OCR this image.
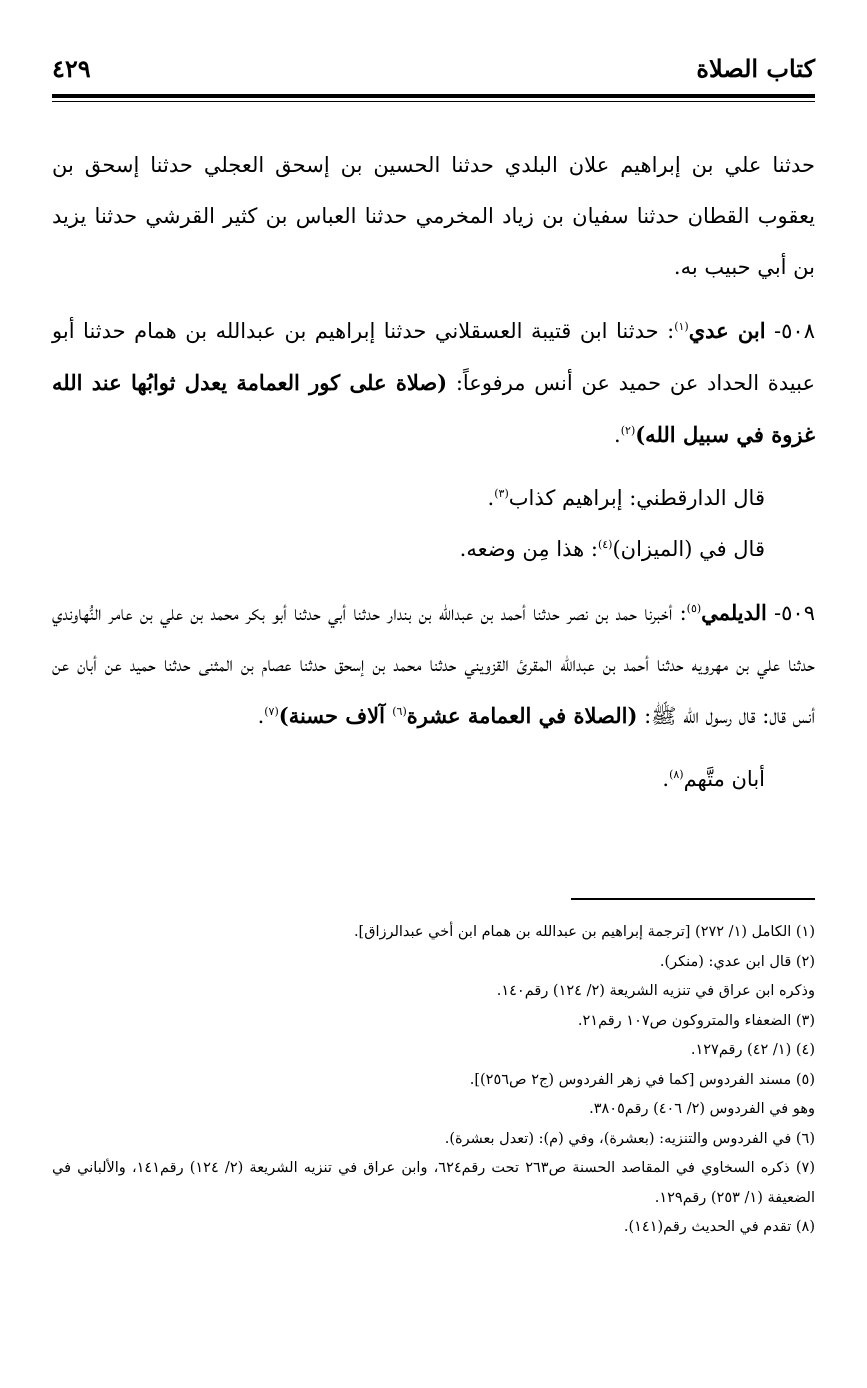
كتاب الصلاة
٤٢٩

حدثنا علي بن إبراهيم علان البلدي حدثنا الحسين بن إسحق العجلي حدثنا إسحق بن يعقوب القطان حدثنا سفيان بن زياد المخرمي حدثنا العباس بن كثير القرشي حدثنا يزيد بن أبي حبيب به.

٥٠٨- ابن عدي$^{(١)}$: حدثنا ابن قتيبة العسقلاني حدثنا إبراهيم بن عبدالله بن همام حدثنا أبو عبيدة الحداد عن حميد عن أنس مرفوعاً: (صلاة على كور العمامة يعدل ثوابُها عند الله غزوة في سبيل الله)$^{(٢)}$.

قال الدارقطني: إبراهيم كذاب$^{(٣)}$.

قال في (الميزان)$^{(٤)}$: هذا مِن وضعه.

٥٠٩- الديلمي$^{(٥)}$: أخبرنا حمد بن نصر حدثنا أحمد بن عبدالله بن بندار حدثنا أبي حدثنا أبو بكر محمد بن علي بن عامر النُّهاوندي حدثنا علي بن مهرويه حدثنا أحمد بن عبدالله المقرئ القزويني حدثنا محمد بن إسحق حدثنا عصام بن المثنى حدثنا حميد عن أبان عن أنس قال: قال رسول الله ﷺ: (الصلاة في العمامة عشرة$^{(٦)}$ آلاف حسنة)$^{(٧)}$.

أبان متَّهم$^{(٨)}$.

(١) الكامل (١/ ٢٧٢) [ترجمة إبراهيم بن عبدالله بن همام ابن أخي عبدالرزاق].
(٢) قال ابن عدي: (منكر).
وذكره ابن عراق في تنزيه الشريعة (٢/ ١٢٤) رقم١٤٠.
(٣) الضعفاء والمتروكون ص١٠٧ رقم٢١.
(٤) (١/ ٤٢) رقم١٢٧.
(٥) مسند الفردوس [كما في زهر الفردوس (ج٢ ص٢٥٦)].
وهو في الفردوس (٢/ ٤٠٦) رقم٣٨٠٥.
(٦) في الفردوس والتنزيه: (بعشرة)، وفي (م): (تعدل بعشرة).
(٧) ذكره السخاوي في المقاصد الحسنة ص٢٦٣ تحت رقم٦٢٤، وابن عراق في تنزيه الشريعة (٢/ ١٢٤) رقم١٤١، والألباني في الضعيفة (١/ ٢٥٣) رقم١٢٩.
(٨) تقدم في الحديث رقم(١٤١).
